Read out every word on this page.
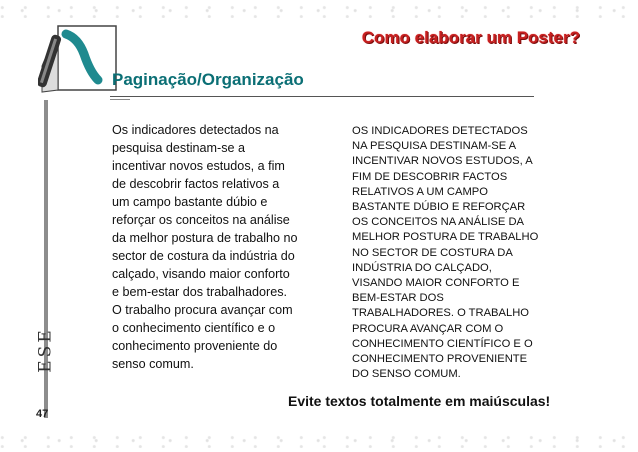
Como elaborar um Poster?
Paginação/Organização
ESE
47
Os indicadores detectados na
pesquisa destinam-se a
incentivar novos estudos, a fim
de descobrir factos relativos a
um campo bastante dúbio e
reforçar os conceitos na análise
da melhor postura de trabalho no
sector de costura da indústria do
calçado, visando maior conforto
e bem-estar dos trabalhadores.
O trabalho procura avançar com
o conhecimento científico e o
conhecimento proveniente do
senso comum.
OS INDICADORES DETECTADOS
NA PESQUISA DESTINAM-SE A
INCENTIVAR NOVOS ESTUDOS, A
FIM DE DESCOBRIR FACTOS
RELATIVOS A UM CAMPO
BASTANTE DÚBIO E REFORÇAR
OS CONCEITOS NA ANÁLISE DA
MELHOR POSTURA DE TRABALHO
NO SECTOR DE COSTURA DA
INDÚSTRIA DO CALÇADO,
VISANDO MAIOR CONFORTO E
BEM-ESTAR DOS
TRABALHADORES. O TRABALHO
PROCURA AVANÇAR COM O
CONHECIMENTO CIENTÍFICO E O
CONHECIMENTO PROVENIENTE
DO SENSO COMUM.
Evite textos totalmente em maiúsculas!
